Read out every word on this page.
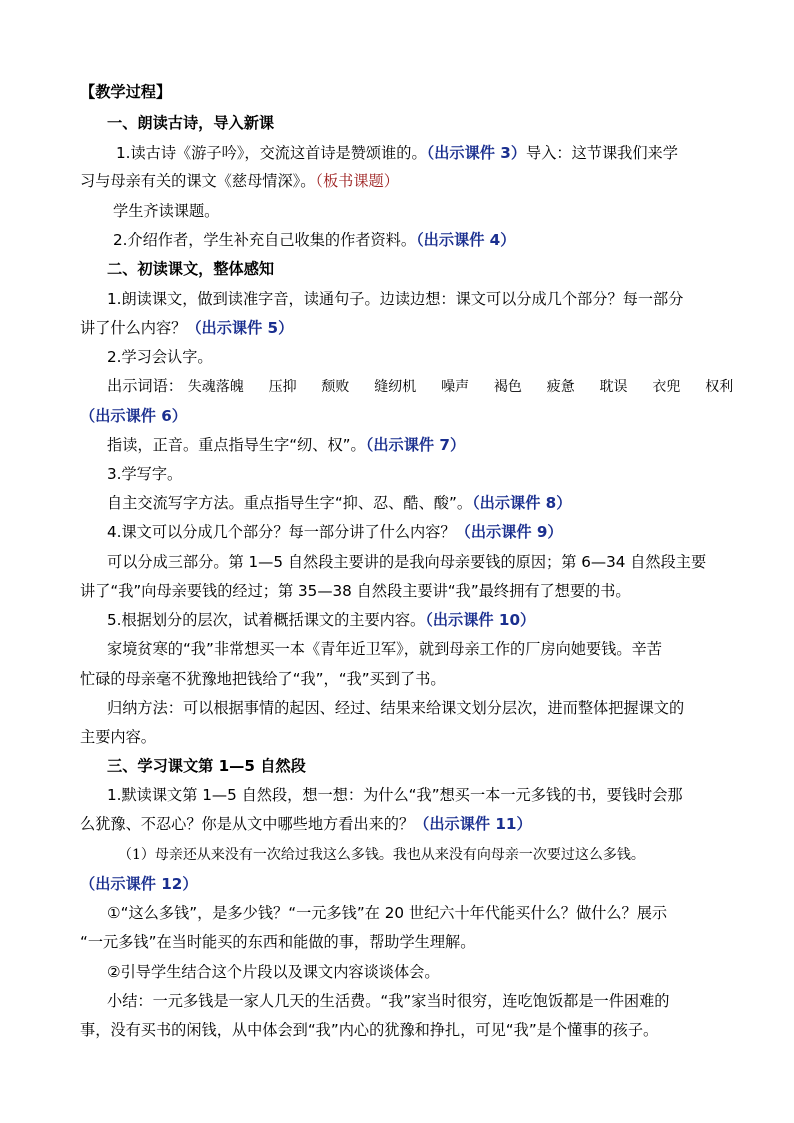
【教学过程】
一、朗读古诗，导入新课
1.读古诗《游子吟》，交流这首诗是赞颂谁的。（出示课件 3）导入：这节课我们来学
习与母亲有关的课文《慈母情深》。（板书课题）
学生齐读课题。
2.介绍作者，学生补充自己收集的作者资料。（出示课件 4）
二、初读课文，整体感知
1.朗读课文，做到读准字音，读通句子。边读边想：课文可以分成几个部分？每一部分
讲了什么内容？（出示课件 5）
2.学习会认字。
出示词语： 失魂落魄 压抑 颓败 缝纫机 噪声 褐色 疲惫 耽误 衣兜 权利
（出示课件 6）
指读，正音。重点指导生字“纫、权”。（出示课件 7）
3.学写字。
自主交流写字方法。重点指导生字“抑、忍、酷、酸”。（出示课件 8）
4.课文可以分成几个部分？每一部分讲了什么内容？（出示课件 9）
可以分成三部分。第 1—5 自然段主要讲的是我向母亲要钱的原因；第 6—34 自然段主要
讲了“我”向母亲要钱的经过；第 35—38 自然段主要讲“我”最终拥有了想要的书。
5.根据划分的层次，试着概括课文的主要内容。（出示课件 10）
家境贫寒的“我”非常想买一本《青年近卫军》，就到母亲工作的厂房向她要钱。辛苦
忙碌的母亲毫不犹豫地把钱给了“我”，“我”买到了书。
归纳方法：可以根据事情的起因、经过、结果来给课文划分层次，进而整体把握课文的
主要内容。
三、学习课文第 1—5 自然段
1.默读课文第 1—5 自然段，想一想：为什么“我”想买一本一元多钱的书，要钱时会那
么犹豫、不忍心？你是从文中哪些地方看出来的？（出示课件 11）
（1）母亲还从来没有一次给过我这么多钱。我也从来没有向母亲一次要过这么多钱。
（出示课件 12）
①“这么多钱”，是多少钱？“一元多钱”在 20 世纪六十年代能买什么？做什么？展示
“一元多钱”在当时能买的东西和能做的事，帮助学生理解。
②引导学生结合这个片段以及课文内容谈谈体会。
小结：一元多钱是一家人几天的生活费。“我”家当时很穷，连吃饱饭都是一件困难的
事，没有买书的闲钱，从中体会到“我”内心的犹豫和挣扎，可见“我”是个懂事的孩子。
